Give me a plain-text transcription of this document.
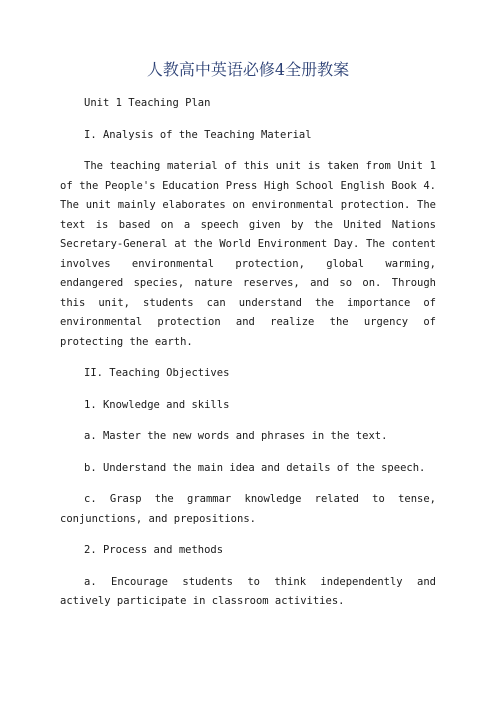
人教高中英语必修4全册教案

Unit 1 Teaching Plan

I. Analysis of the Teaching Material

The teaching material of this unit is taken from Unit 1 of the People's Education Press High School English Book 4. The unit mainly elaborates on environmental protection. The text is based on a speech given by the United Nations Secretary-General at the World Environment Day. The content involves environmental protection, global warming, endangered species, nature reserves, and so on. Through this unit, students can understand the importance of environmental protection and realize the urgency of protecting the earth.

II. Teaching Objectives

1. Knowledge and skills

a. Master the new words and phrases in the text.

b. Understand the main idea and details of the speech.

c. Grasp the grammar knowledge related to tense, conjunctions, and prepositions.

2. Process and methods

a. Encourage students to think independently and actively participate in classroom activities.
